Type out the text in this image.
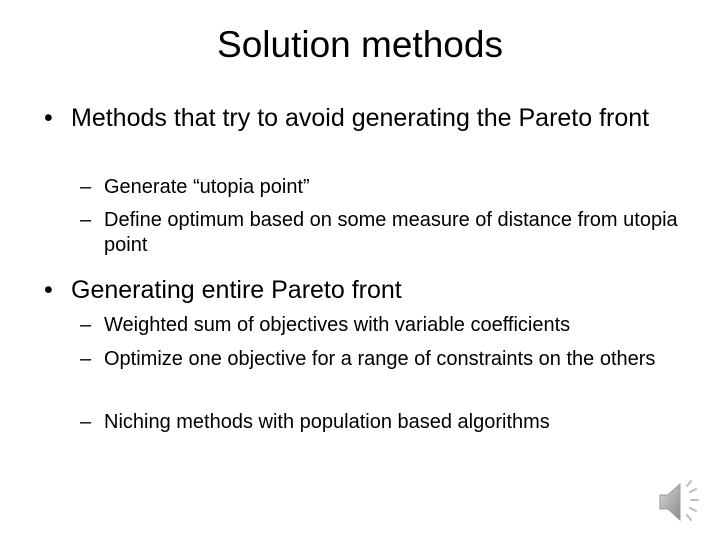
Solution methods
• Methods that try to avoid generating the Pareto front
– Generate “utopia point”
– Define optimum based on some measure of distance from utopia point
• Generating entire Pareto front
– Weighted sum of objectives with variable coefficients
– Optimize one objective for a range of constraints on the others
– Niching methods with population based algorithms
